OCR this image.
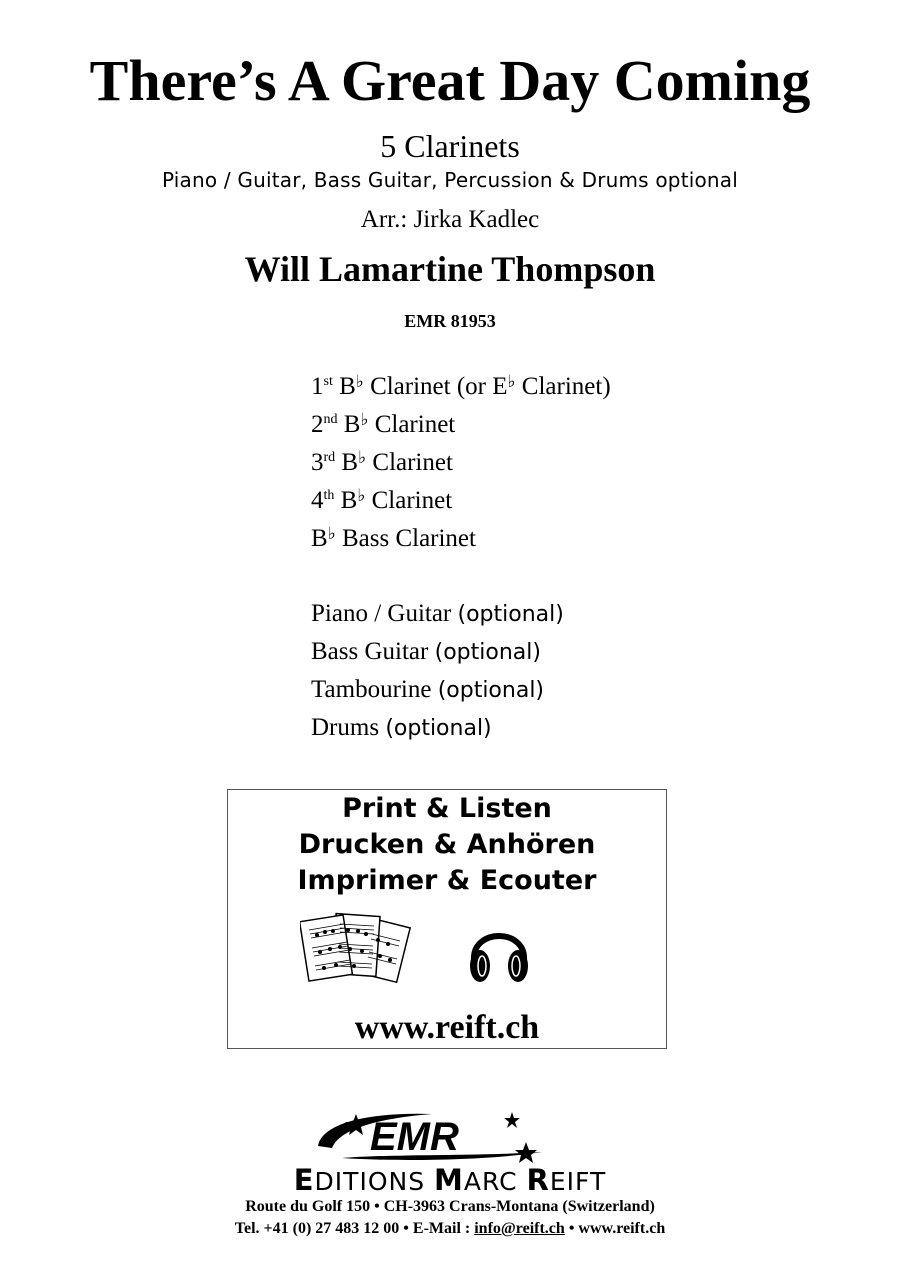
There’s A Great Day Coming
5 Clarinets
Piano / Guitar, Bass Guitar, Percussion & Drums optional
Arr.: Jirka Kadlec
Will Lamartine Thompson
EMR 81953
1st B♭ Clarinet (or E♭ Clarinet)
2nd B♭ Clarinet
3rd B♭ Clarinet
4th B♭ Clarinet
B♭ Bass Clarinet
Piano / Guitar (optional)
Bass Guitar (optional)
Tambourine (optional)
Drums (optional)
Print & Listen
Drucken & Anhören
Imprimer & Ecouter
www.reift.ch
EMR
EDITIONS MARC REIFT
Route du Golf 150 • CH-3963 Crans-Montana (Switzerland)
Tel. +41 (0) 27 483 12 00 • E-Mail : info@reift.ch • www.reift.ch
